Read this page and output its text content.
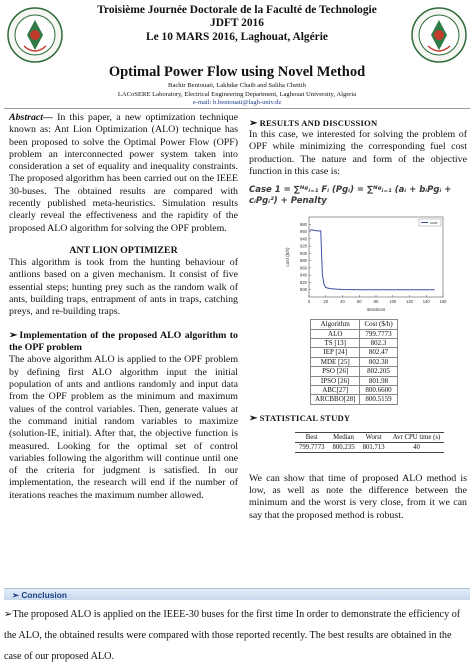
Troisième Journée Doctorale de la Faculté de Technologie
JDFT 2016
Le 10 MARS 2016, Laghouat, Algérie
Optimal Power Flow using Novel Method
Bachir Bentouati, Lakhdar Chaib and Saliha Chettih
LACoSERE Laboratory, Electrical Engineering Department, Laghouat University, Algeria
e-mail: b.bentouati@lagh-univ.dz

Abstract— In this paper, a new optimization technique known as: Ant Lion Optimization (ALO) technique has been proposed to solve the Optimal Power Flow (OPF) problem an interconnected power system taken into consideration a set of equality and inequality constraints. The proposed algorithm has been carried out on the IEEE 30-buses. The obtained results are compared with recently published meta-heuristics. Simulation results clearly reveal the effectiveness and the rapidity of the proposed ALO algorithm for solving the OPF problem.

ANT LION OPTIMIZER

This algorithm is took from the hunting behaviour of antlions based on a given mechanism. It consist of five essential steps; hunting prey such as the random walk of ants, building traps, entrapment of ants in traps, catching preys, and re-building traps.

➢ Implementation of the proposed ALO algorithm to the OPF problem

The above algorithm ALO is applied to the OPF problem by defining first ALO algorithm input the initial population of ants and antlions randomly and input data from the OPF problem as the minimum and maximum values of the control variables. Then, generate values at the command initial random variables to maximize (solution-IE, initial). After that, the objective function is measured. Looking for the optimal set of control variables following the algorithm will continue until one of the criteria for judgment is satisfied. In our implementation, the research will end if the number of iterations reaches the maximum number allowed.

➢ RESULTS AND DISCUSSION

In this case, we interested for solving the problem of OPF while minimizing the corresponding fuel cost production. The nature and form of the objective function in this case is:

Case 1 = ∑ᴺᵍᵢ₌₁ Fᵢ (Pgᵢ) = ∑ᴺᵍᵢ₌₁ (aᵢ + bᵢPgᵢ + cᵢPgᵢ²) + Penalty
0	20	40	60	80	100 120 140 160
800
820
840
860
880
900
920
940
960
980	cost
iterations
cost ($/h)
Algorithm	Cost ($/h)
ALO	799.7773
TS [13]	802.3
IEP [24]	802.47
MDE [25]	802.38
PSO [26]	802.205
IPSO [26]	801.98
ABC[27]	800.6600
ARCBBO[28]	800.5159
➢ STATISTICAL STUDY
Best	Median	Worst	Avr CPU time (s)
799.7773	800.235	801.713	40

We can show that time of proposed ALO method is low, as well as note the difference between the minimum and the worst is very close, from it we can say that the proposed method is robust.

➢ Conclusion

➢The proposed ALO is applied on the IEEE-30 buses for the first time In order to demonstrate the efficiency of the ALO, the obtained results were compared with those reported recently. The best results are obtained in the case of our proposed ALO.
